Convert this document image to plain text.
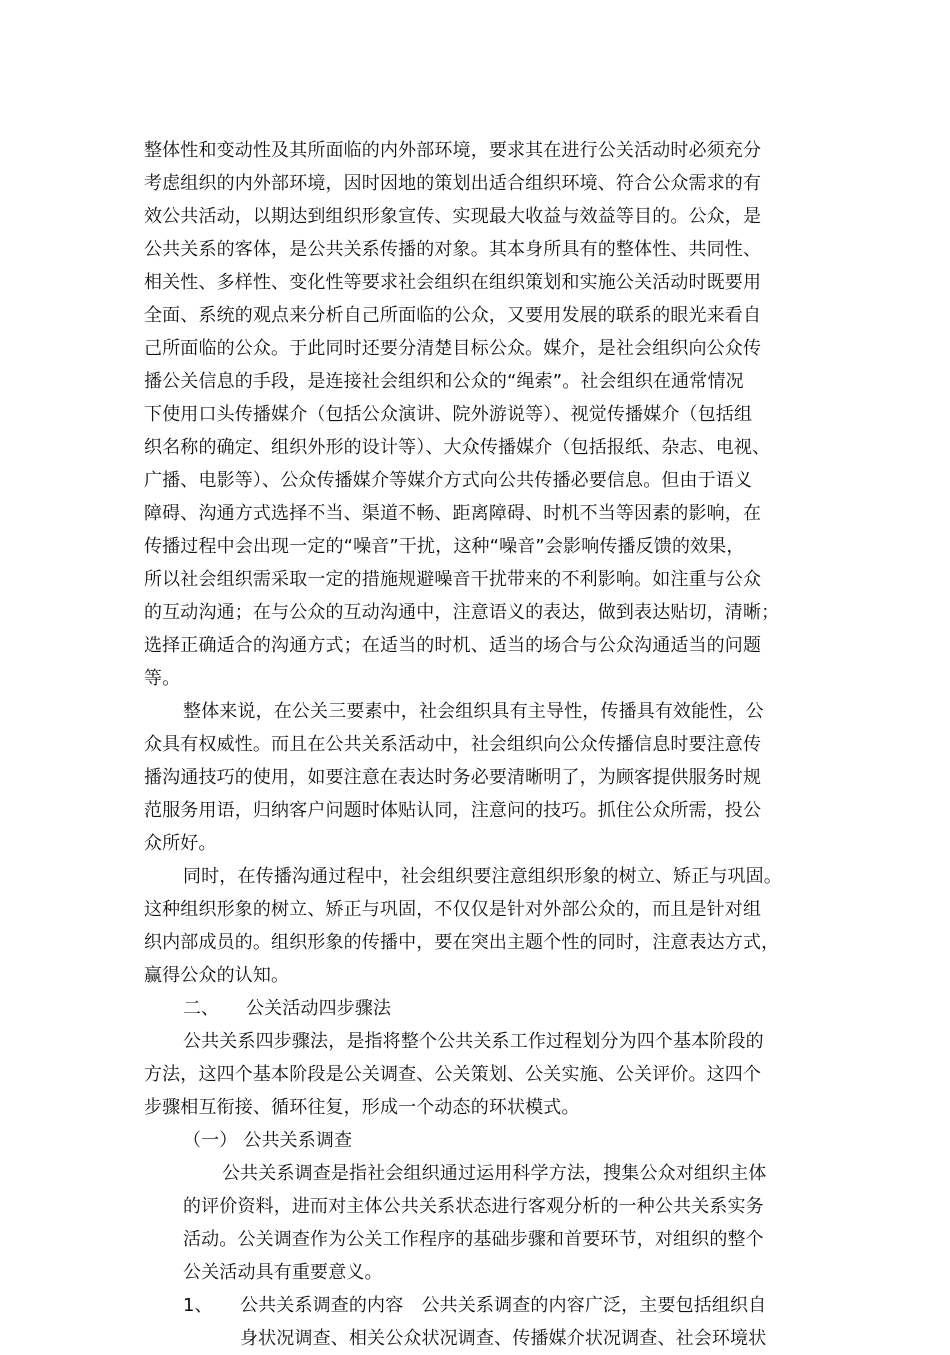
整体性和变动性及其所面临的内外部环境，要求其在进行公关活动时必须充分
考虑组织的内外部环境，因时因地的策划出适合组织环境、符合公众需求的有
效公共活动，以期达到组织形象宣传、实现最大收益与效益等目的。公众，是
公共关系的客体，是公共关系传播的对象。其本身所具有的整体性、共同性、
相关性、多样性、变化性等要求社会组织在组织策划和实施公关活动时既要用
全面、系统的观点来分析自己所面临的公众，又要用发展的联系的眼光来看自
己所面临的公众。于此同时还要分清楚目标公众。媒介，是社会组织向公众传
播公关信息的手段，是连接社会组织和公众的“绳索”。社会组织在通常情况
下使用口头传播媒介（包括公众演讲、院外游说等）、视觉传播媒介（包括组
织名称的确定、组织外形的设计等）、大众传播媒介（包括报纸、杂志、电视、
广播、电影等）、公众传播媒介等媒介方式向公共传播必要信息。但由于语义
障碍、沟通方式选择不当、渠道不畅、距离障碍、时机不当等因素的影响，在
传播过程中会出现一定的“噪音”干扰，这种“噪音”会影响传播反馈的效果，
所以社会组织需采取一定的措施规避噪音干扰带来的不利影响。如注重与公众
的互动沟通；在与公众的互动沟通中，注意语义的表达，做到表达贴切，清晰；
选择正确适合的沟通方式；在适当的时机、适当的场合与公众沟通适当的问题
等。
整体来说，在公关三要素中，社会组织具有主导性，传播具有效能性，公
众具有权威性。而且在公共关系活动中，社会组织向公众传播信息时要注意传
播沟通技巧的使用，如要注意在表达时务必要清晰明了，为顾客提供服务时规
范服务用语，归纳客户问题时体贴认同，注意问的技巧。抓住公众所需，投公
众所好。
同时，在传播沟通过程中，社会组织要注意组织形象的树立、矫正与巩固。
这种组织形象的树立、矫正与巩固，不仅仅是针对外部公众的，而且是针对组
织内部成员的。组织形象的传播中，要在突出主题个性的同时，注意表达方式，
赢得公众的认知。
二、 公关活动四步骤法
公共关系四步骤法，是指将整个公共关系工作过程划分为四个基本阶段的
方法，这四个基本阶段是公关调查、公关策划、公关实施、公关评价。这四个
步骤相互衔接、循环往复，形成一个动态的环状模式。
（一） 公共关系调查
公共关系调查是指社会组织通过运用科学方法，搜集公众对组织主体
的评价资料，进而对主体公共关系状态进行客观分析的一种公共关系实务
活动。公关调查作为公关工作程序的基础步骤和首要环节，对组织的整个
公关活动具有重要意义。
1、 公共关系调查的内容　公共关系调查的内容广泛，主要包括组织自
身状况调查、相关公众状况调查、传播媒介状况调查、社会环境状
